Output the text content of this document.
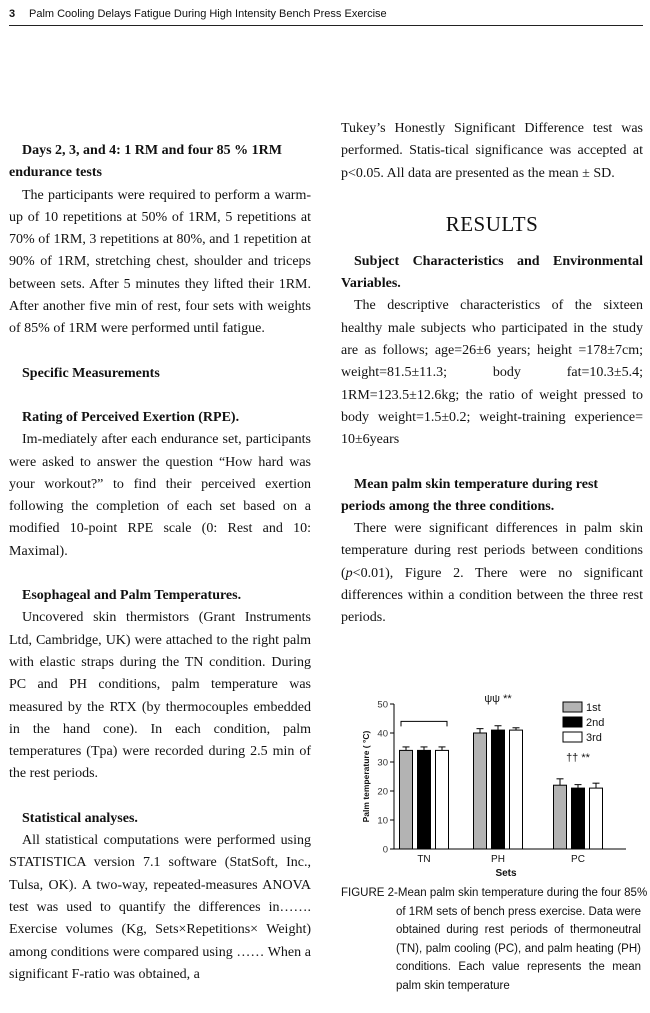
3 Palm Cooling Delays Fatigue During High Intensity Bench Press Exercise

Days 2, 3, and 4: 1 RM and four 85 % 1RM endurance tests

The participants were required to perform a warm-up of 10 repetitions at 50% of 1RM, 5 repetitions at 70% of 1RM, 3 repetitions at 80%, and 1 repetition at 90% of 1RM, stretching chest, shoulder and triceps between sets. After 5 minutes they lifted their 1RM. After another five min of rest, four sets with weights of 85% of 1RM were performed until fatigue.

Specific Measurements

Rating of Perceived Exertion (RPE).

Im-mediately after each endurance set, participants were asked to answer the question “How hard was your workout?” to find their perceived exertion following the completion of each set based on a modified 10-point RPE scale (0: Rest and 10: Maximal).

Esophageal and Palm Temperatures.

Uncovered skin thermistors (Grant Instruments Ltd, Cambridge, UK) were attached to the right palm with elastic straps during the TN condition. During PC and PH conditions, palm temperature was measured by the RTX (by thermocouples embedded in the hand cone). In each condition, palm temperatures (Tpa) were recorded during 2.5 min of the rest periods.

Statistical analyses.

All statistical computations were performed using STATISTICA version 7.1 software (StatSoft, Inc., Tulsa, OK). A two-way, repeated-measures ANOVA test was used to quantify the differences in……. Exercise volumes (Kg, Sets×Repetitions× Weight) among conditions were compared using …… When a significant F-ratio was obtained, a

Tukey’s Honestly Significant Difference test was performed. Statis-tical significance was accepted at p<0.05. All data are presented as the mean ± SD.

RESULTS

Subject Characteristics and Environmental Variables.

The descriptive characteristics of the sixteen healthy male subjects who participated in the study are as follows; age=26±6 years; height =178±7cm; weight=81.5±11.3; body fat=10.3±5.4; 1RM=123.5±12.6kg; the ratio of weight pressed to body weight=1.5±0.2; weight-training experience= 10±6years

Mean palm skin temperature during rest periods among the three conditions.

There were significant differences in palm skin temperature during rest periods between conditions (p<0.01), Figure 2. There were no significant differences within a condition between the three rest periods.

0
10
20
30
40
50
Palm temperature ( °C)
TN	PH	PC
ψψ **
†† **
Sets
1st
2nd
3rd
FIGURE 2-Mean palm skin temperature during the four 85%
of 1RM sets of bench press exercise. Data were obtained during rest periods of thermoneutral (TN), palm cooling (PC), and palm heating (PH) conditions. Each value represents the mean palm skin temperature
